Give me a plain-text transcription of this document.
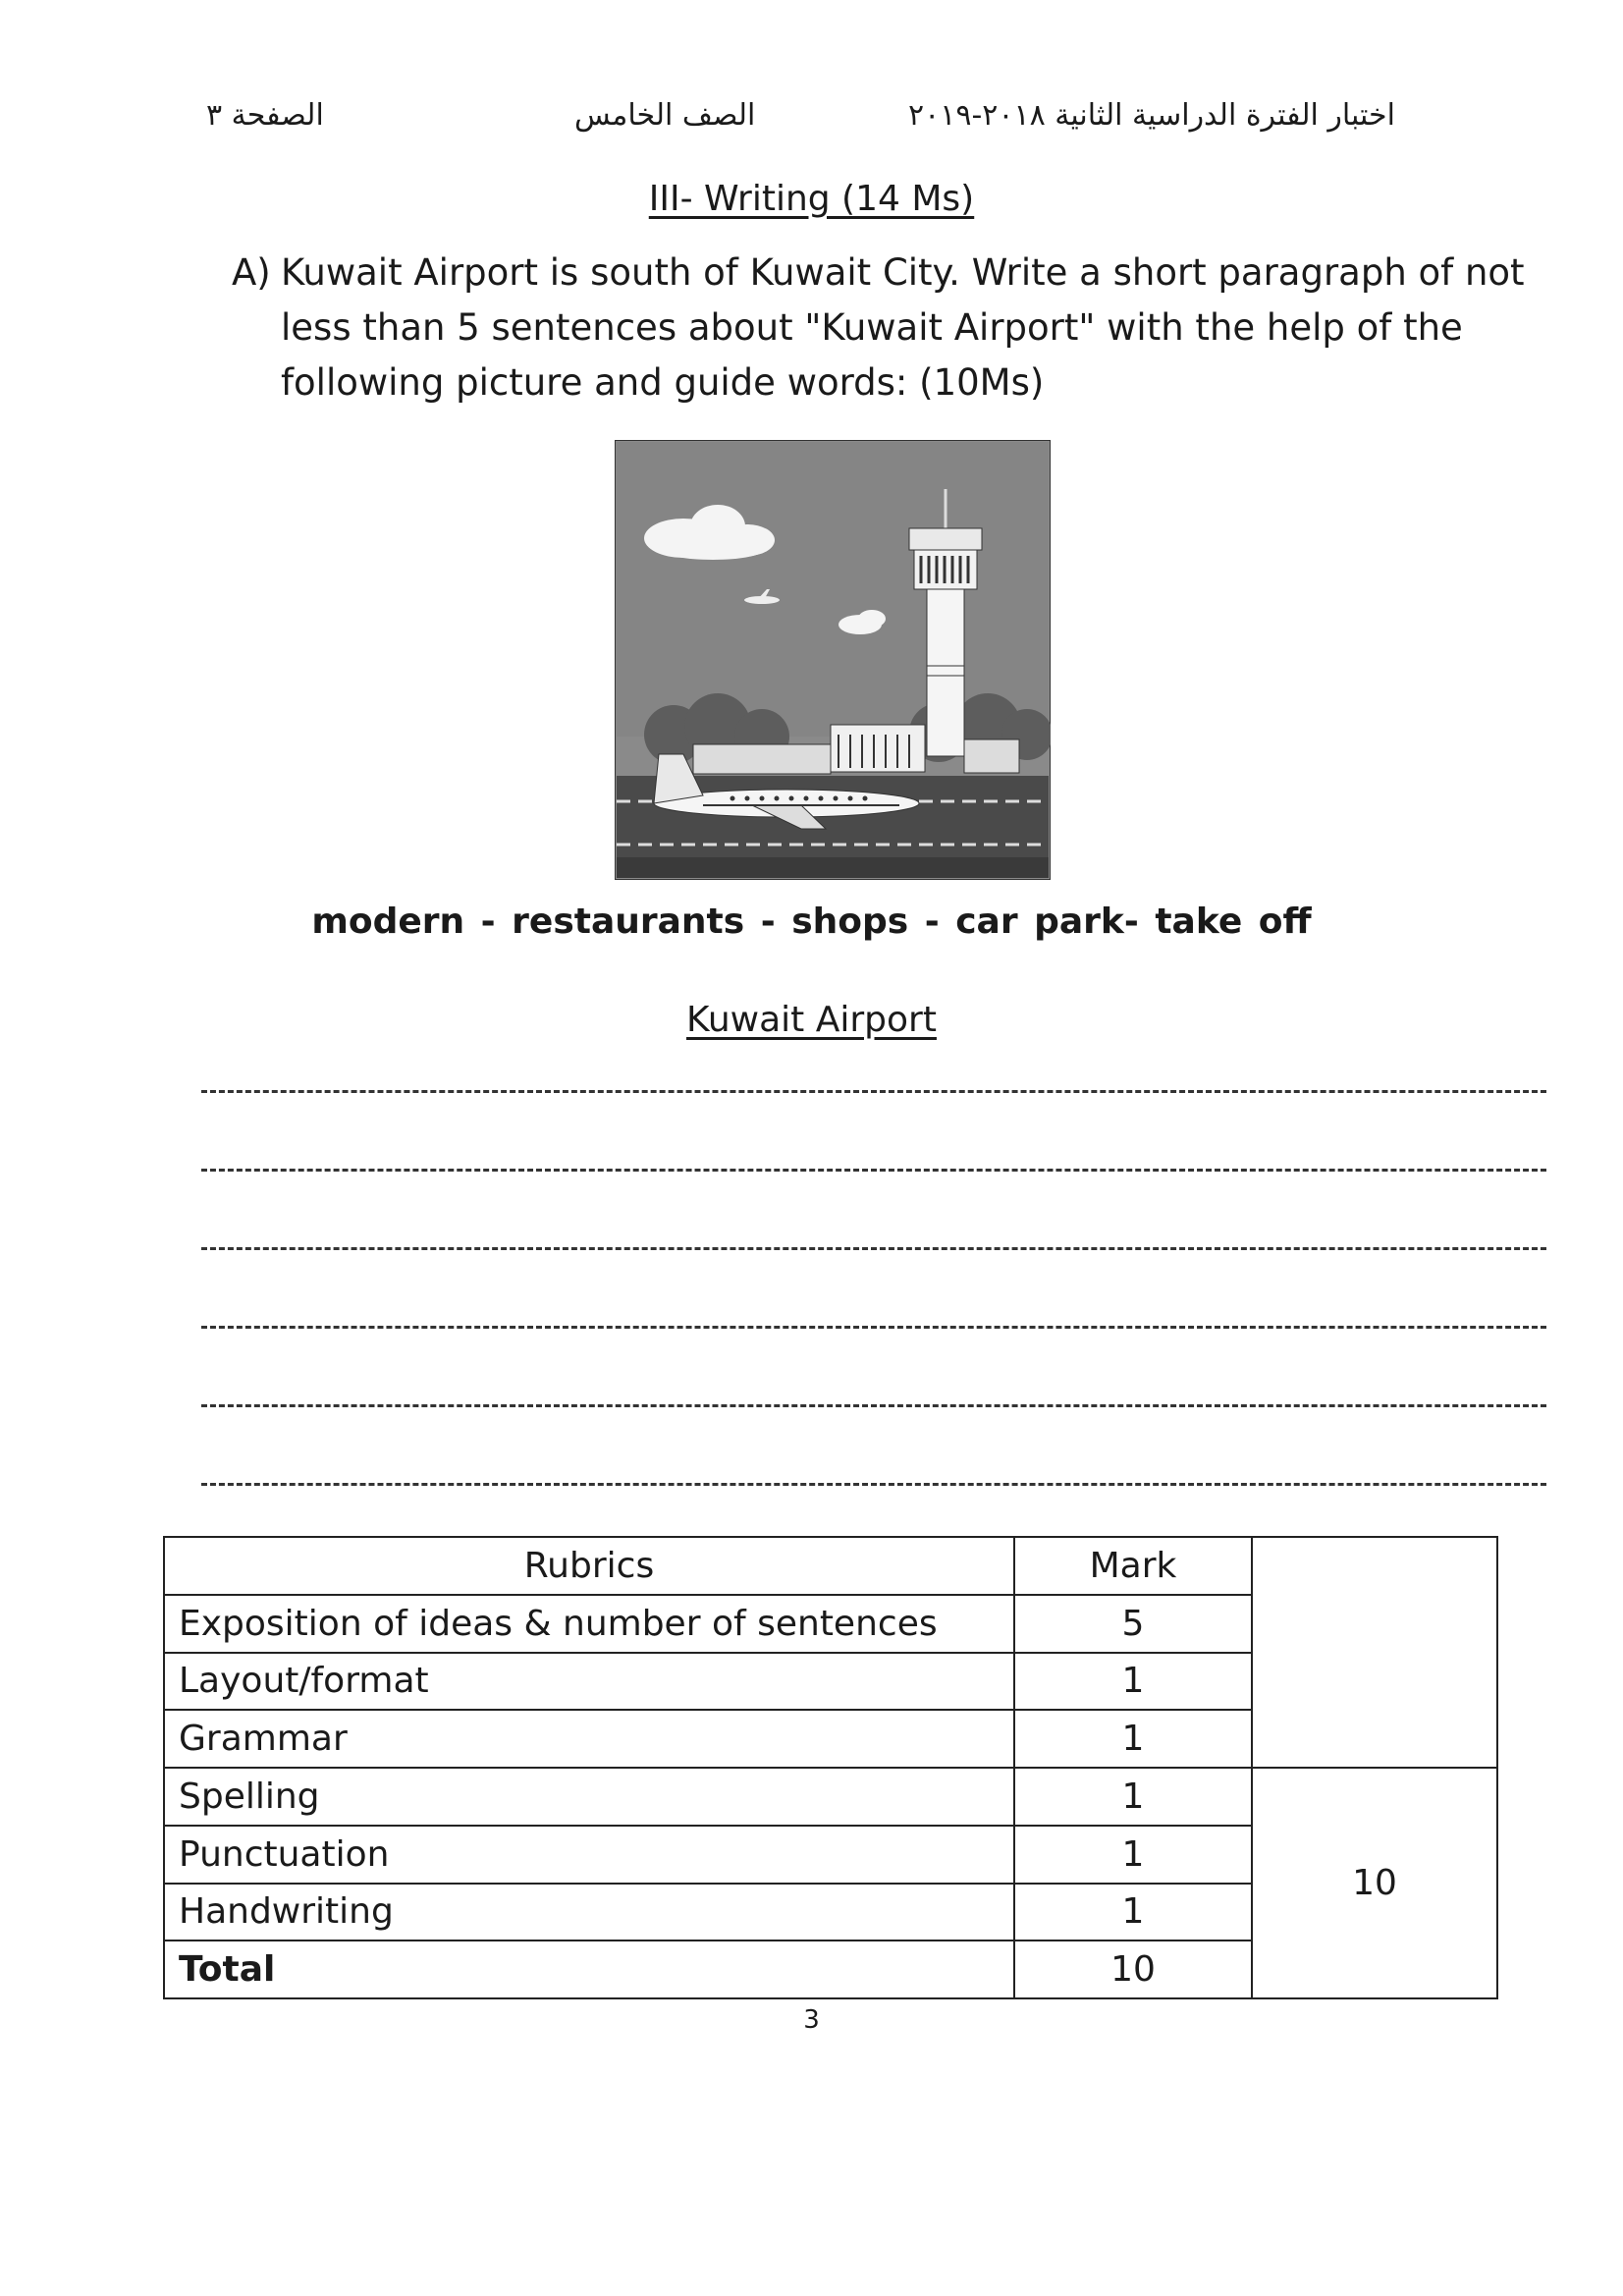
الصفحة ٣	الصف الخامس	اختبار الفترة الدراسية الثانية ٢٠١٨-٢٠١٩
III- Writing (14 Ms)
A) Kuwait Airport is south of Kuwait City. Write a short paragraph of not
less than 5 sentences about "Kuwait Airport" with the help of the
following picture and guide words: (10Ms)
modern - restaurants - shops - car park- take off
Kuwait Airport
Rubrics	Mark	
Exposition of ideas & number of sentences	5	
Layout/format	1	
Grammar	1	
Spelling	1	10
Punctuation	1	
Handwriting	1	
Total	10	
3
